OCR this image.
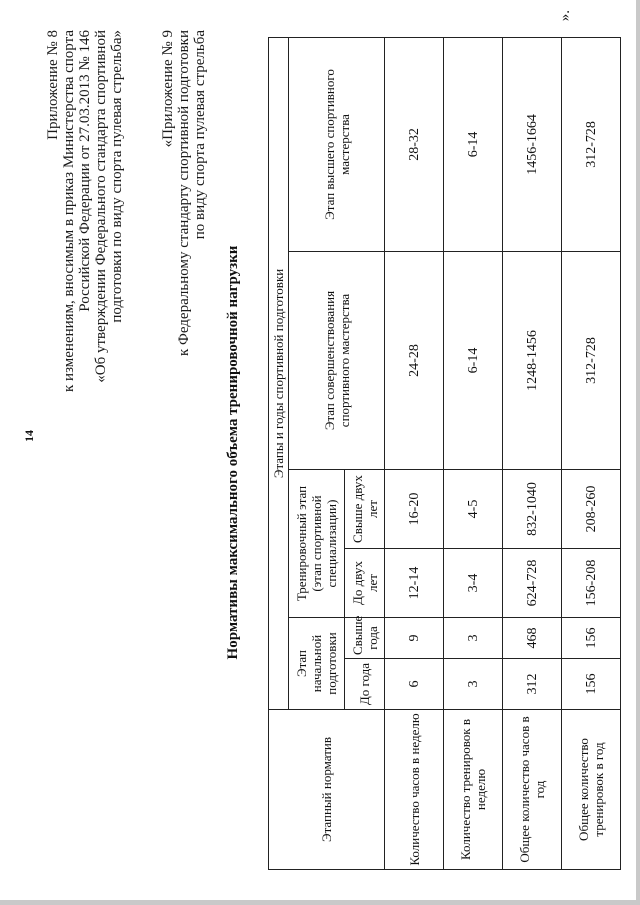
14
Приложение № 8 к изменениям, вносимым в приказ Министерства спорта Российской Федерации от 27.03.2013 № 146 «Об утверждении Федерального стандарта спортивной подготовки по виду спорта пулевая стрельба» «Приложение № 9 к Федеральному стандарту спортивной подготовки по виду спорта пулевая стрельба
Нормативы максимального объема тренировочной нагрузки
Этапный норматив	Этапы и годы спортивной подготовки					
	Этап начальной подготовки		Тренировочный этап (этап спортивной специализации)		Этап совершенствования спортивного мастерства	Этап высшего спортивного мастерства
	До года	Свыше года	До двух лет	Свыше двух лет		
Количество часов в неделю	6	9	12-14	16-20	24-28	28-32
Количество тренировок в неделю	3	3	3-4	4-5	6-14	6-14
Общее количество часов в год	312	468	624-728	832-1040	1248-1456	1456-1664
Общее количество тренировок в год	156	156	156-208	208-260	312-728	312-728
».
